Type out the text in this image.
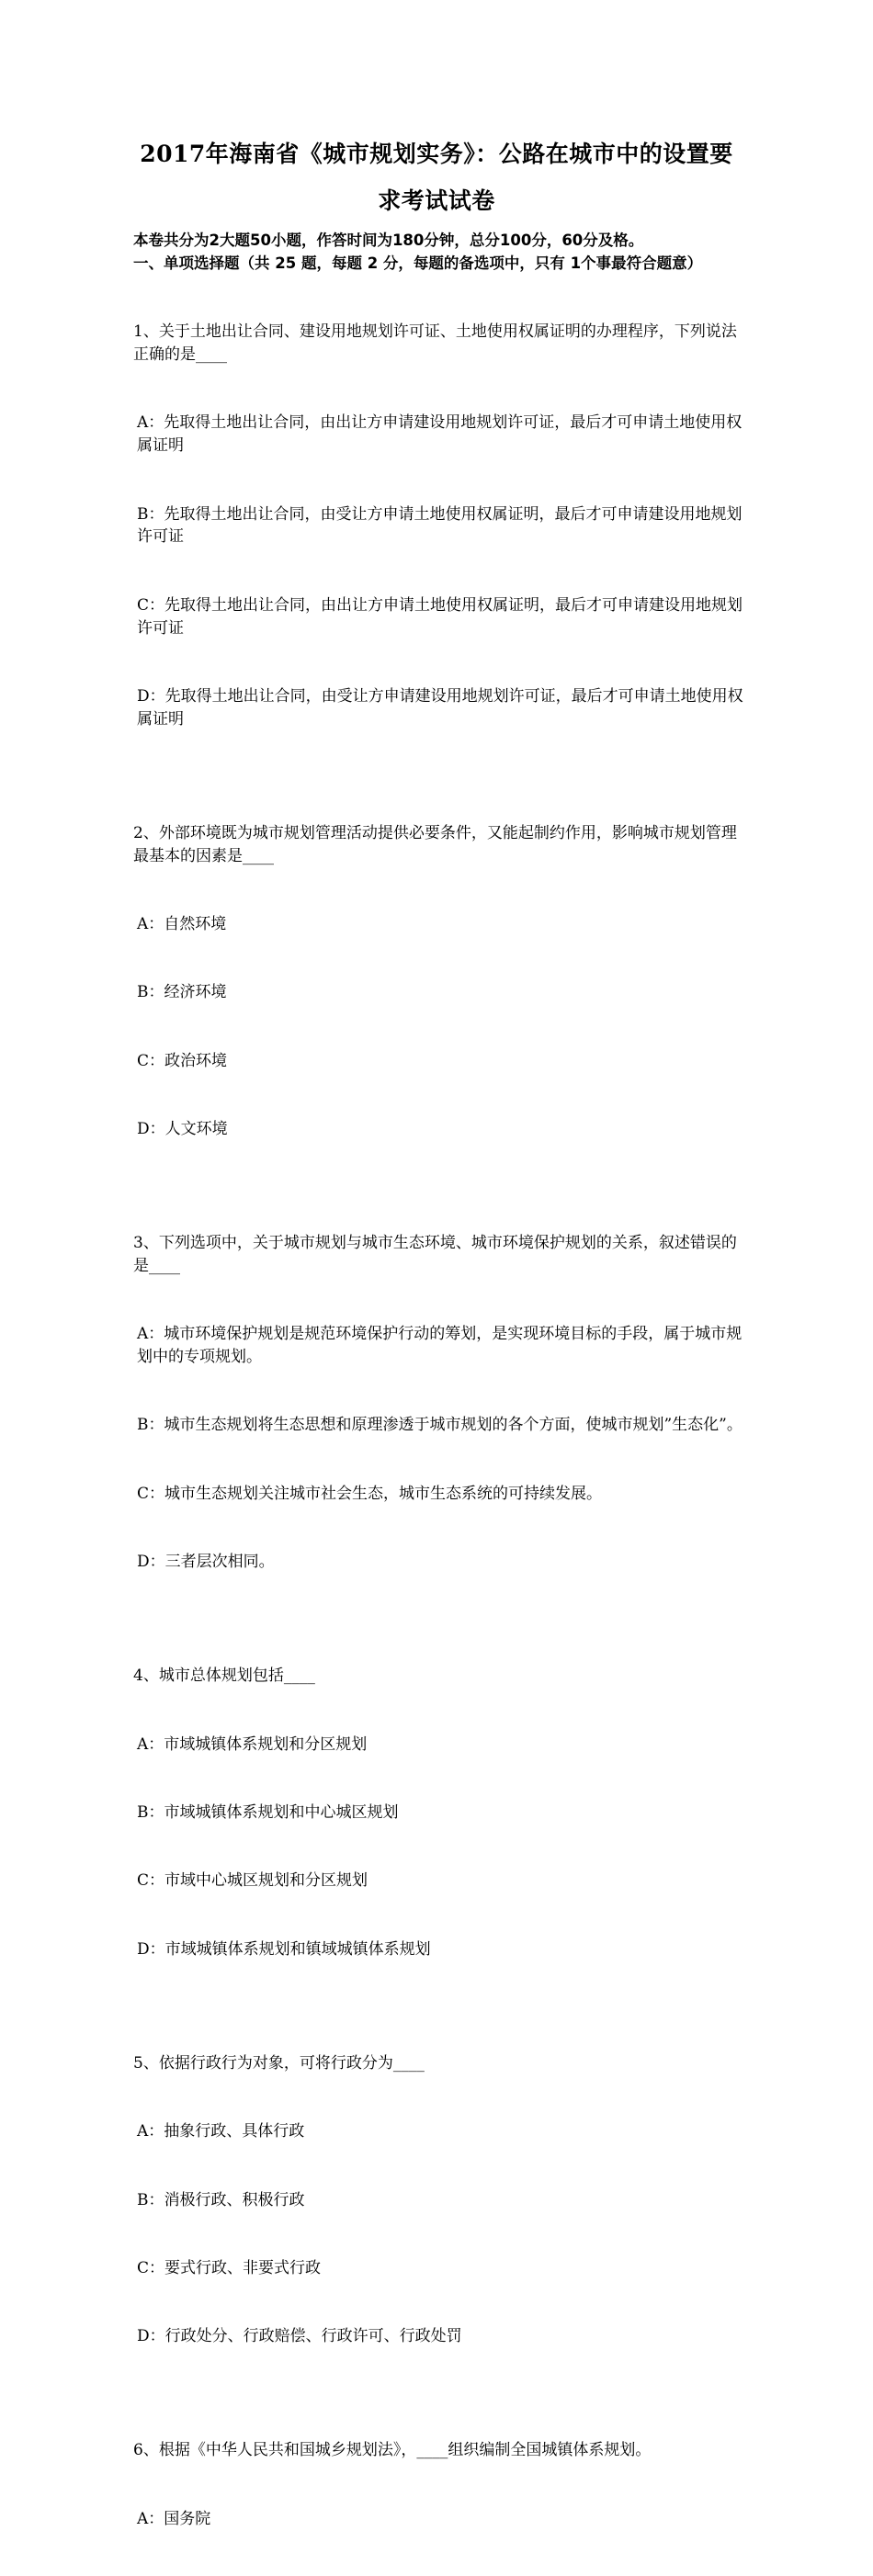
2017年海南省《城市规划实务》：公路在城市中的设置要
求考试试卷
本卷共分为2大题50小题，作答时间为180分钟，总分100分，60分及格。
一、单项选择题（共 25 题，每题 2 分，每题的备选项中，只有 1个事最符合题意）

1、关于土地出让合同、建设用地规划许可证、土地使用权属证明的办理程序，下列说法正确的是____

A：先取得土地出让合同，由出让方申请建设用地规划许可证，最后才可申请土地使用权属证明

B：先取得土地出让合同，由受让方申请土地使用权属证明，最后才可申请建设用地规划许可证

C：先取得土地出让合同，由出让方申请土地使用权属证明，最后才可申请建设用地规划许可证

D：先取得土地出让合同，由受让方申请建设用地规划许可证，最后才可申请土地使用权属证明

2、外部环境既为城市规划管理活动提供必要条件，又能起制约作用，影响城市规划管理最基本的因素是____

A：自然环境

B：经济环境

C：政治环境

D：人文环境

3、下列选项中，关于城市规划与城市生态环境、城市环境保护规划的关系，叙述错误的是____

A：城市环境保护规划是规范环境保护行动的筹划，是实现环境目标的手段，属于城市规划中的专项规划。

B：城市生态规划将生态思想和原理渗透于城市规划的各个方面，使城市规划”生态化”。

C：城市生态规划关注城市社会生态，城市生态系统的可持续发展。

D：三者层次相同。

4、城市总体规划包括____

A：市域城镇体系规划和分区规划

B：市域城镇体系规划和中心城区规划

C：市域中心城区规划和分区规划

D：市域城镇体系规划和镇域城镇体系规划

5、依据行政行为对象，可将行政分为____

A：抽象行政、具体行政

B：消极行政、积极行政

C：要式行政、非要式行政

D：行政处分、行政赔偿、行政许可、行政处罚

6、根据《中华人民共和国城乡规划法》，____组织编制全国城镇体系规划。

A：国务院
